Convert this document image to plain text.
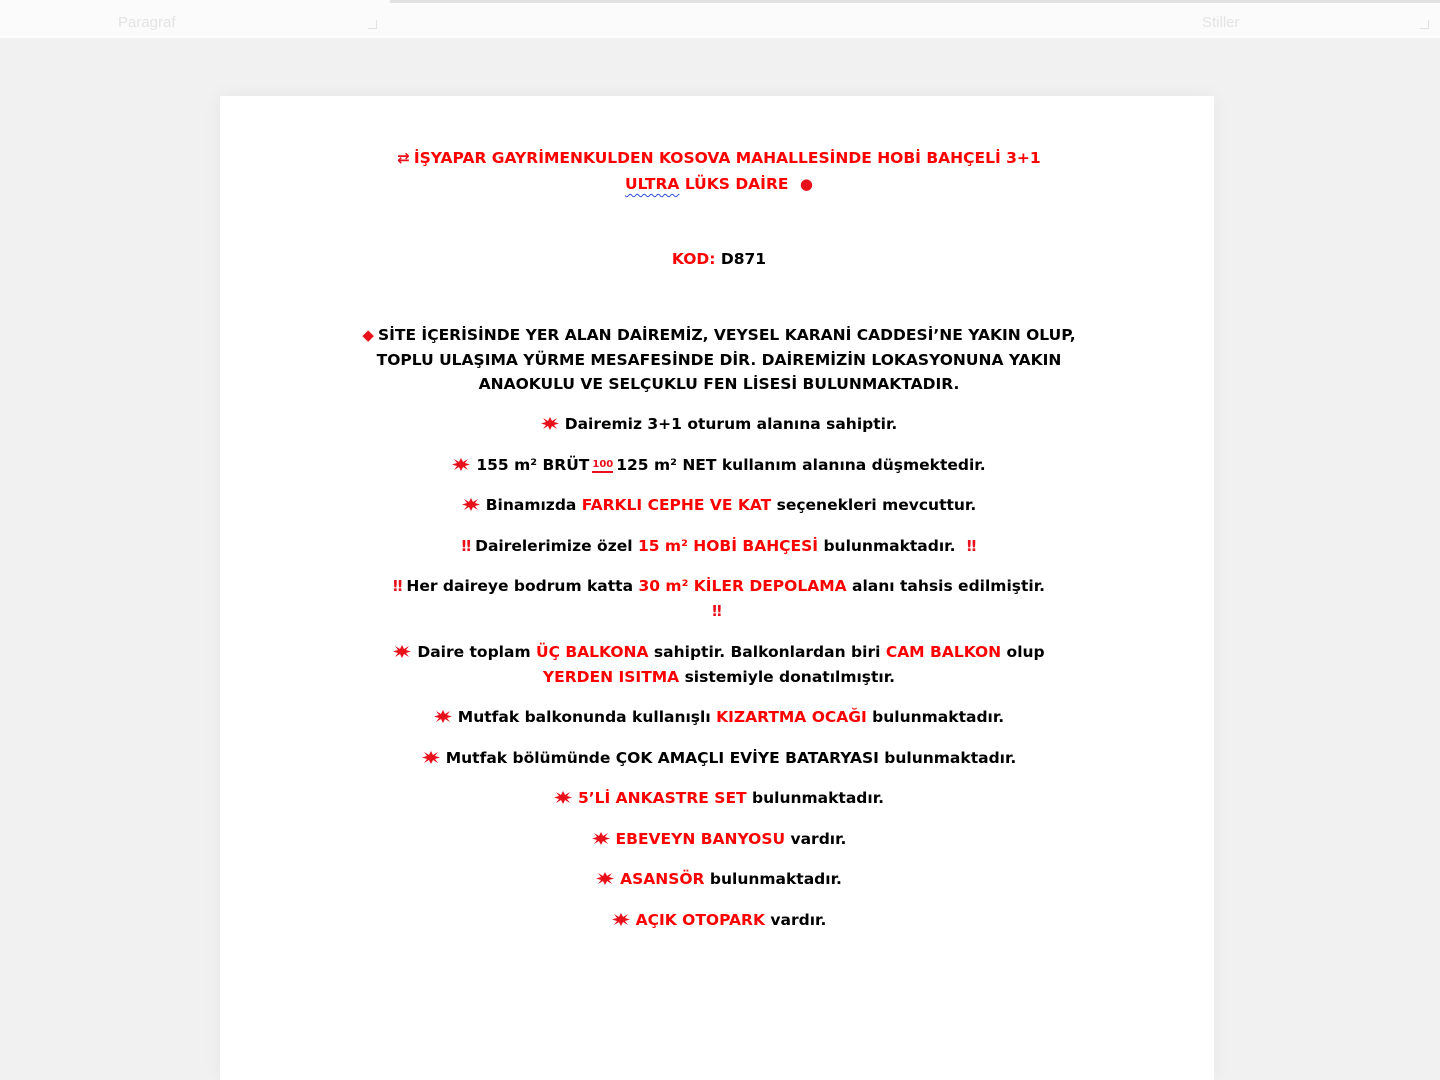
Paragraf	Stiller

⇄ İŞYAPAR GAYRİMENKULDEN KOSOVA MAHALLESİNDE HOBİ BAHÇELİ 3+1
ULTRA LÜKS DAİRE ●

KOD: D871

◆ SİTE İÇERİSİNDE YER ALAN DAİREMİZ, VEYSEL KARANİ CADDESİ’NE YAKIN OLUP, TOPLU ULAŞIMA YÜRME MESAFESİNDE DİR. DAİREMİZİN LOKASYONUNA YAKIN ANAOKULU VE SELÇUKLU FEN LİSESİ BULUNMAKTADIR.

Dairemiz 3+1 oturum alanına sahiptir.

155 m² BRÜT 100 125 m² NET kullanım alanına düşmektedir.

Binamızda FARKLI CEPHE VE KAT seçenekleri mevcuttur.

‼ Dairelerimize özel 15 m² HOBİ BAHÇESİ bulunmaktadır. ‼

‼ Her daireye bodrum katta 30 m² KİLER DEPOLAMA alanı tahsis edilmiştir.
‼

Daire toplam ÜÇ BALKONA sahiptir. Balkonlardan biri CAM BALKON olup
YERDEN ISITMA sistemiyle donatılmıştır.

Mutfak balkonunda kullanışlı KIZARTMA OCAĞI bulunmaktadır.

Mutfak bölümünde ÇOK AMAÇLI EVİYE BATARYASI bulunmaktadır.

5’Lİ ANKASTRE SET bulunmaktadır.

EBEVEYN BANYOSU vardır.

ASANSÖR bulunmaktadır.

AÇIK OTOPARK vardır.
